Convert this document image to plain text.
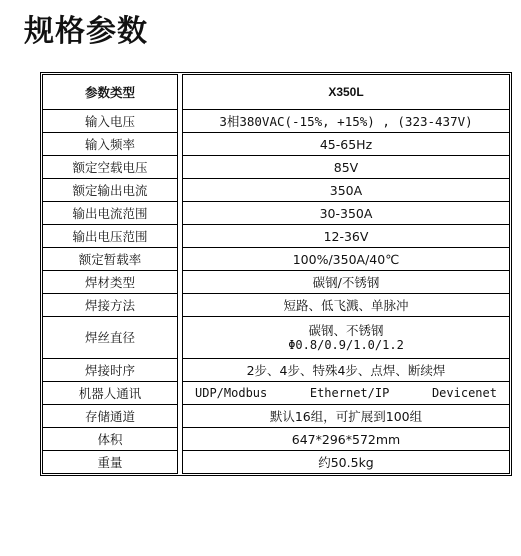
规格参数
参数类型		X350L
输入电压		3相380VAC(-15%, +15%) , (323-437V)
输入频率		45-65Hz
额定空载电压		85V
额定输出电流		350A
输出电流范围		30-350A
输出电压范围		12-36V
额定暂载率		100%/350A/40℃
焊材类型		碳钢/不锈钢
焊接方法		短路、低飞溅、单脉冲
焊丝直径		碳钢、不锈钢
Φ0.8/0.9/1.0/1.2

焊接时序		2步、4步、特殊4步、点焊、断续焊
机器人通讯		UDP/Modbus Ethernet/IP Devicenet

存储通道		默认16组，可扩展到100组
体积		647*296*572mm
重量		约50.5kg
